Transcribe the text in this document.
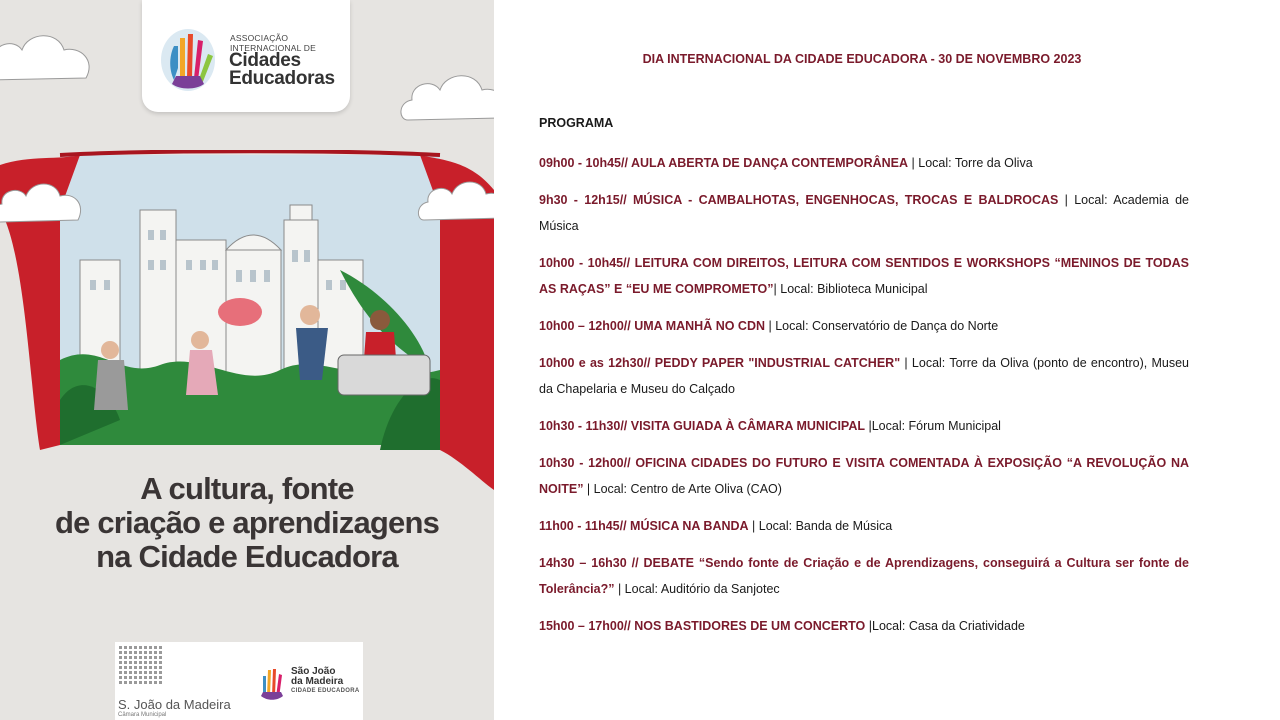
ASSOCIAÇÃO
INTERNACIONAL DE
Cidades
Educadoras
A cultura, fonte
de criação e aprendizagens
na Cidade Educadora
S. João da Madeira
Câmara Municipal
São João
da Madeira
CIDADE EDUCADORA
DIA INTERNACIONAL DA CIDADE EDUCADORA - 30 DE NOVEMBRO 2023
PROGRAMA
09h00 - 10h45// AULA ABERTA DE DANÇA CONTEMPORÂNEA | Local: Torre da Oliva
9h30 - 12h15// MÚSICA - CAMBALHOTAS, ENGENHOCAS, TROCAS E BALDROCAS | Local: Academia de Música
10h00 - 10h45// LEITURA COM DIREITOS, LEITURA COM SENTIDOS E WORKSHOPS “MENINOS DE TODAS AS RAÇAS” E “EU ME COMPROMETO”| Local: Biblioteca Municipal
10h00 – 12h00// UMA MANHÃ NO CDN | Local: Conservatório de Dança do Norte
10h00 e as 12h30// PEDDY PAPER "INDUSTRIAL CATCHER" | Local: Torre da Oliva (ponto de encontro), Museu da Chapelaria e Museu do Calçado
10h30 - 11h30// VISITA GUIADA À CÂMARA MUNICIPAL |Local: Fórum Municipal
10h30 - 12h00// OFICINA CIDADES DO FUTURO E VISITA COMENTADA À EXPOSIÇÃO “A REVOLUÇÃO NA NOITE” | Local: Centro de Arte Oliva (CAO)
11h00 - 11h45// MÚSICA NA BANDA | Local: Banda de Música
14h30 – 16h30 // DEBATE “Sendo fonte de Criação e de Aprendizagens, conseguirá a Cultura ser fonte de Tolerância?” | Local: Auditório da Sanjotec
15h00 – 17h00// NOS BASTIDORES DE UM CONCERTO |Local: Casa da Criatividade
